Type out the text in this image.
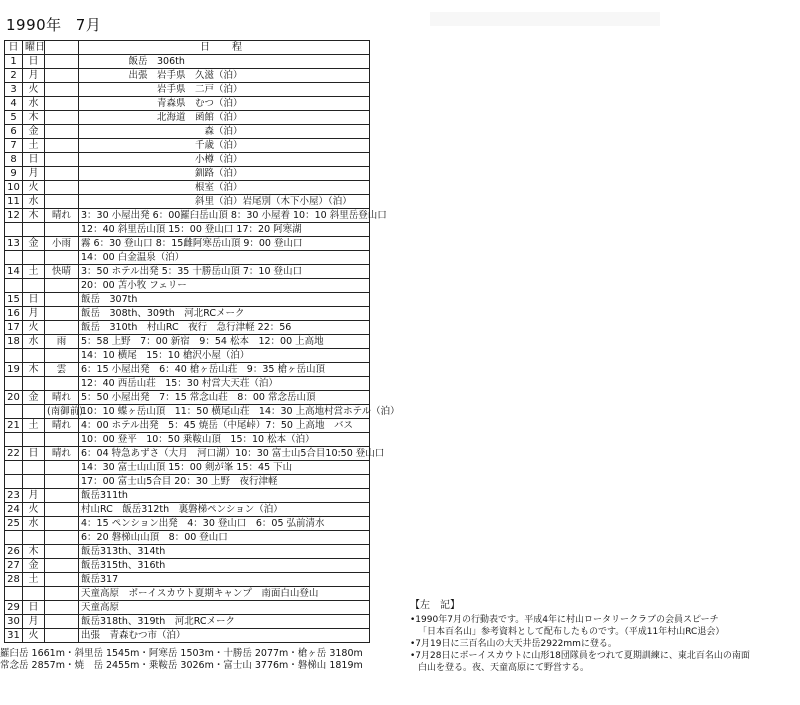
1990年 7月
日	曜日		日　程
1	日		　　　　　飯岳　306th
2	月		　　　　　出張　岩手県　久滋（泊）
3	火		　　　　　　　　岩手県　二戸（泊）
4	水		　　　　　　　　青森県　むつ（泊）
5	木		　　　　　　　　北海道　函館（泊）
6	金		　　　　　　　　　　　　　森（泊）
7	土		　　　　　　　　　　　　千歳（泊）
8	日		　　　　　　　　　　　　小樽（泊）
9	月		　　　　　　　　　　　　釧路（泊）
10	火		　　　　　　　　　　　　根室（泊）
11	水		　　　　　　　　　　　　斜里（泊）岩尾別（木下小屋）（泊）
12	木	晴れ	3：30 小屋出発 6：00羅臼岳山頂 8：30 小屋着 10：10 斜里岳登山口
			12：40 斜里岳山頂 15：00 登山口 17：20 阿寒湖
13	金	小雨	霧 6：30 登山口 8：15雌阿寒岳山頂 9：00 登山口
			14：00 白金温泉（泊）
14	土	快晴	3：50 ホテル出発 5：35 十勝岳山頂 7：10 登山口
			20：00 苫小牧 フェリー
15	日		飯岳　307th
16	月		飯岳　308th、309th　河北RCメーク
17	火		飯岳　310th　村山RC　夜行　急行津軽 22：56
18	水	雨	5：58 上野　7：00 新宿　9：54 松本　12：00 上高地
			14：10 横尾　15：10 槍沢小屋（泊）
19	木	雲	6：15 小屋出発　6：40 槍ヶ岳山荘　9：35 槍ヶ岳山頂
			12：40 西岳山荘　15：30 村営大天荘（泊）
20	金	晴れ	5：50 小屋出発　7：15 常念山荘　8：00 常念岳山頂
		(南御前)	10：10 蝶ヶ岳山頂　11：50 横尾山荘　14：30 上高地村営ホテル（泊）
21	土	晴れ	4：00 ホテル出発　5：45 焼岳（中尾峠）7：50 上高地　バス
			10：00 登平　10：50 乗鞍山頂　15：10 松本（泊）
22	日	晴れ	6：04 特急あずさ（大月　河口湖）10：30 富士山5合目10:50 登山口
			14：30 富士山山頂 15：00 剣が峯 15：45 下山
			17：00 富士山5合目 20：30 上野　夜行津軽
23	月		飯岳311th
24	火		村山RC　飯岳312th　裏磐梯ペンション（泊）
25	水		4：15 ペンション出発　4：30 登山口　6：05 弘前清水
			6：20 磐梯山山頂　8：00 登山口
26	木		飯岳313th、314th
27	金		飯岳315th、316th
28	土		飯岳317
			天童高原　ボーイスカウト夏期キャンプ　南面白山登山
29	日		天童高原
30	月		飯岳318th、319th　河北RCメーク
31	火		出張　青森むつ市（泊）
羅臼岳 1661m・斜里岳 1545m・阿寒岳 1503m・十勝岳 2077m・槍ヶ岳 3180m
常念岳 2857m・焼　岳 2455m・乗鞍岳 3026m・富士山 3776m・磐梯山 1819m
【左　記】
•1990年7月の行動表です。平成4年に村山ロータリークラブの会員スピーチ
「日本百名山」参考資料として配布したものです。（平成11年村山RC退会）
•7月19日に三百名山の大天井岳2922mmに登る。
•7月28日にボーイスカウトに山形18団隊員をつれて夏期訓練に、東北百名山の南面
白山を登る。夜、天童高原にて野営する。
